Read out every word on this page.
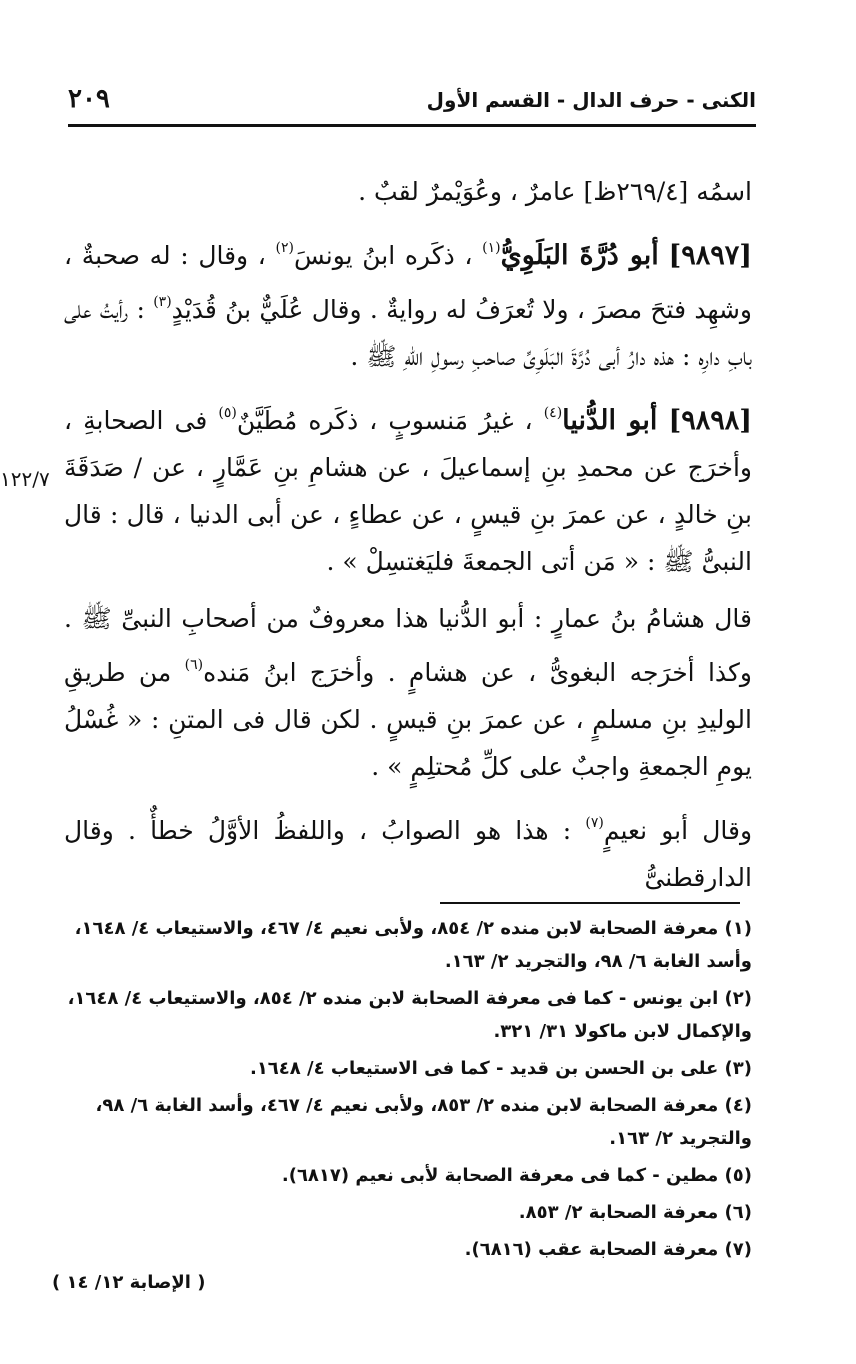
الكنى - حرف الدال - القسم الأول
٢٠٩
١٢٢/٧

اسمُه [٢٦٩/٤ظ] عامرٌ ، وعُوَيْمرٌ لقبٌ .

[٩٨٩٧] أبو دُرَّةَ البَلَوِيُّ$^{(١)}$ ، ذكَره ابنُ يونسَ$^{(٢)}$ ، وقال : له صحبةٌ ، وشهِد فتحَ مصرَ ، ولا تُعرَفُ له روايةٌ . وقال عُلَيٌّ بنُ قُدَيْدٍ$^{(٣)}$ : رأيتُ على بابِ دارِه : هذه دارُ أبى دُرَّةَ البَلَوِىِّ صاحبِ رسولِ اللهِ ﷺ .

[٩٨٩٨] أبو الدُّنيا$^{(٤)}$ ، غيرُ مَنسوبٍ ، ذكَره مُطَيَّنٌ$^{(٥)}$ فى الصحابةِ ، وأخرَج عن محمدِ بنِ إسماعيلَ ، عن هشامِ بنِ عَمَّارٍ ، عن / صَدَقَةَ بنِ خالدٍ ، عن عمرَ بنِ قيسٍ ، عن عطاءٍ ، عن أبى الدنيا ، قال : قال النبىُّ ﷺ : « مَن أتى الجمعةَ فليَغتسِلْ » .

قال هشامُ بنُ عمارٍ : أبو الدُّنيا هذا معروفٌ من أصحابِ النبىِّ ﷺ . وكذا أخرَجه البغوىُّ ، عن هشامٍ . وأخرَج ابنُ مَنده$^{(٦)}$ من طريقِ الوليدِ بنِ مسلمٍ ، عن عمرَ بنِ قيسٍ . لكن قال فى المتنِ : « غُسْلُ يومِ الجمعةِ واجبٌ على كلِّ مُحتلِمٍ » .

وقال أبو نعيمٍ$^{(٧)}$ : هذا هو الصوابُ ، واللفظُ الأوَّلُ خطأٌ . وقال الدارقطنىُّ

(١) معرفة الصحابة لابن منده ٢/ ٨٥٤، ولأبى نعيم ٤/ ٤٦٧، والاستيعاب ٤/ ١٦٤٨، وأسد الغابة ٦/ ٩٨، والتجريد ٢/ ١٦٣.

(٢) ابن يونس - كما فى معرفة الصحابة لابن منده ٢/ ٨٥٤، والاستيعاب ٤/ ١٦٤٨، والإكمال لابن ماكولا ٣١/ ٣٢١.

(٣) على بن الحسن بن قديد - كما فى الاستيعاب ٤/ ١٦٤٨.

(٤) معرفة الصحابة لابن منده ٢/ ٨٥٣، ولأبى نعيم ٤/ ٤٦٧، وأسد الغابة ٦/ ٩٨، والتجريد ٢/ ١٦٣.

(٥) مطين - كما فى معرفة الصحابة لأبى نعيم (٦٨١٧).

(٦) معرفة الصحابة ٢/ ٨٥٣.

(٧) معرفة الصحابة عقب (٦٨١٦).

( الإصابة ١٢/ ١٤ )
